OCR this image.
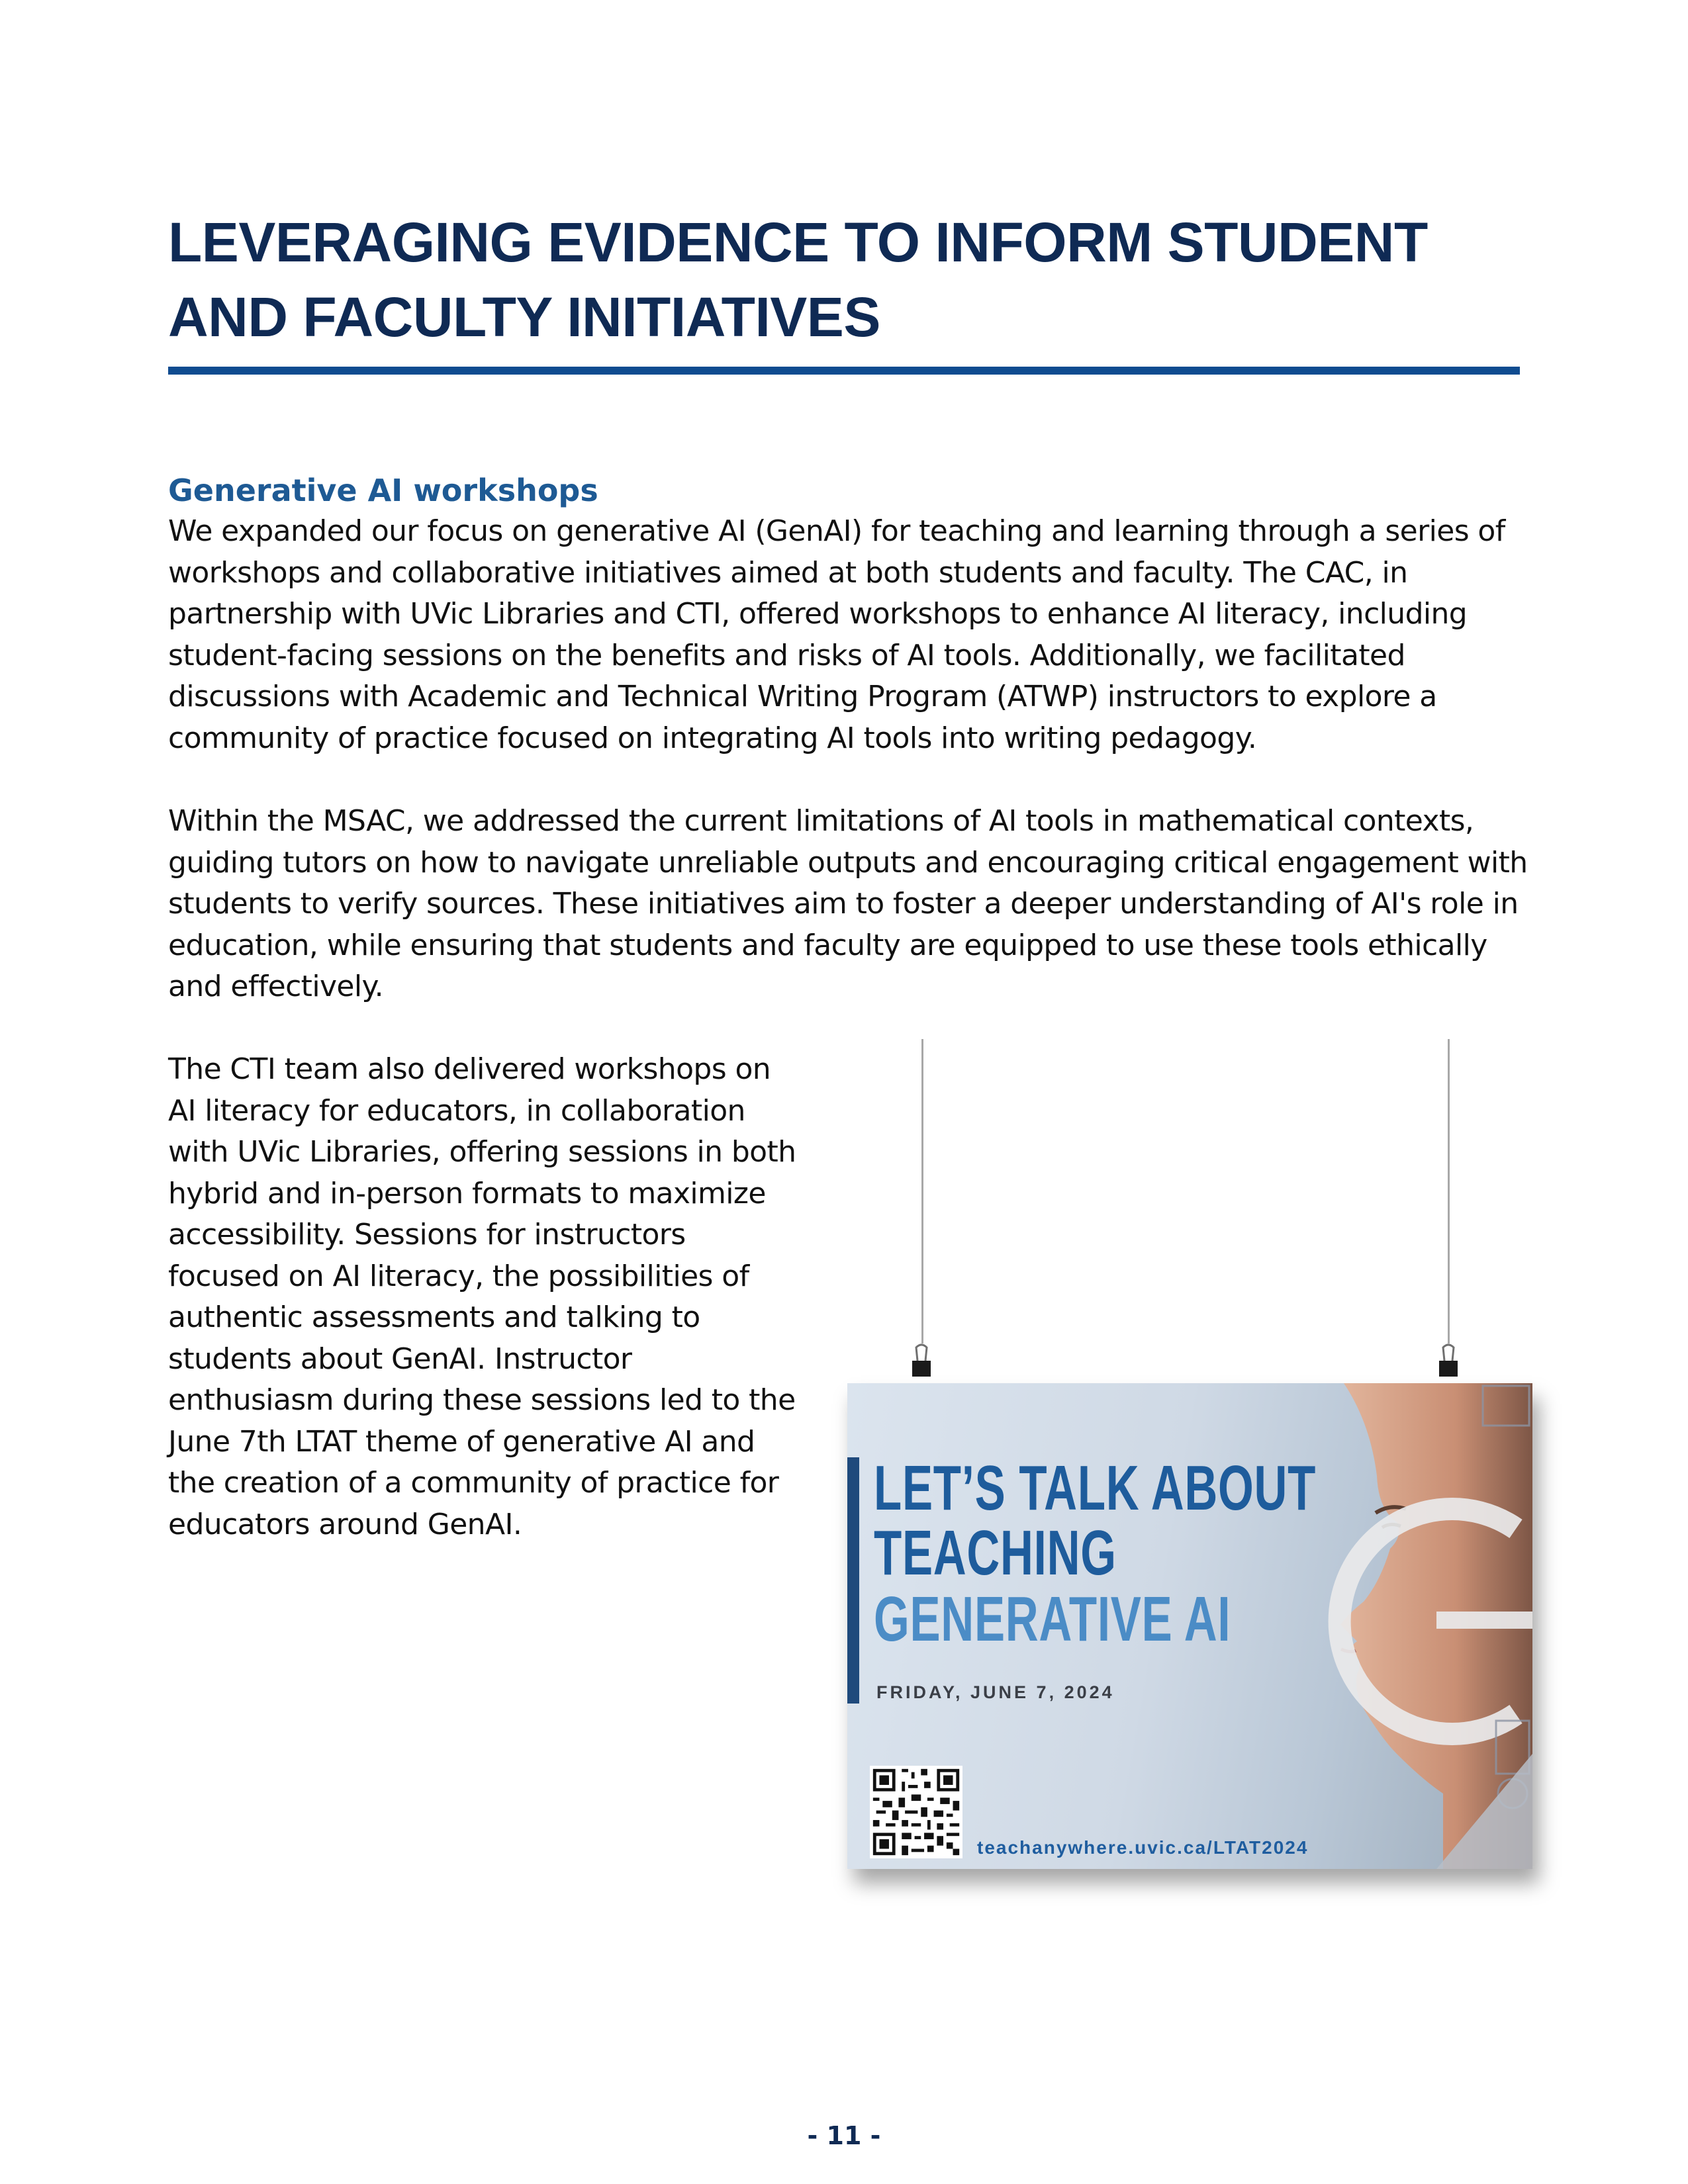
LEVERAGING EVIDENCE TO INFORM STUDENT AND FACULTY INITIATIVES
Generative AI workshops

We expanded our focus on generative AI (GenAI) for teaching and learning through a series of workshops and collaborative initiatives aimed at both students and faculty. The CAC, in partnership with UVic Libraries and CTI, offered workshops to enhance AI literacy, including student-facing sessions on the benefits and risks of AI tools. Additionally, we facilitated discussions with Academic and Technical Writing Program (ATWP) instructors to explore a community of practice focused on integrating AI tools into writing pedagogy.

Within the MSAC, we addressed the current limitations of AI tools in mathematical contexts, guiding tutors on how to navigate unreliable outputs and encouraging critical engagement with students to verify sources. These initiatives aim to foster a deeper understanding of AI's role in education, while ensuring that students and faculty are equipped to use these tools ethically and effectively.

The CTI team also delivered workshops on AI literacy for educators, in collaboration with UVic Libraries, offering sessions in both hybrid and in-person formats to maximize accessibility. Sessions for instructors focused on AI literacy, the possibilities of authentic assessments and talking to students about GenAI. Instructor enthusiasm during these sessions led to the June 7th LTAT theme of generative AI and the creation of a community of practice for educators around GenAI.

LET’S TALK ABOUT

TEACHING

GENERATIVE AI

FRIDAY, JUNE 7, 2024

teachanywhere.uvic.ca/LTAT2024

- 11 -
